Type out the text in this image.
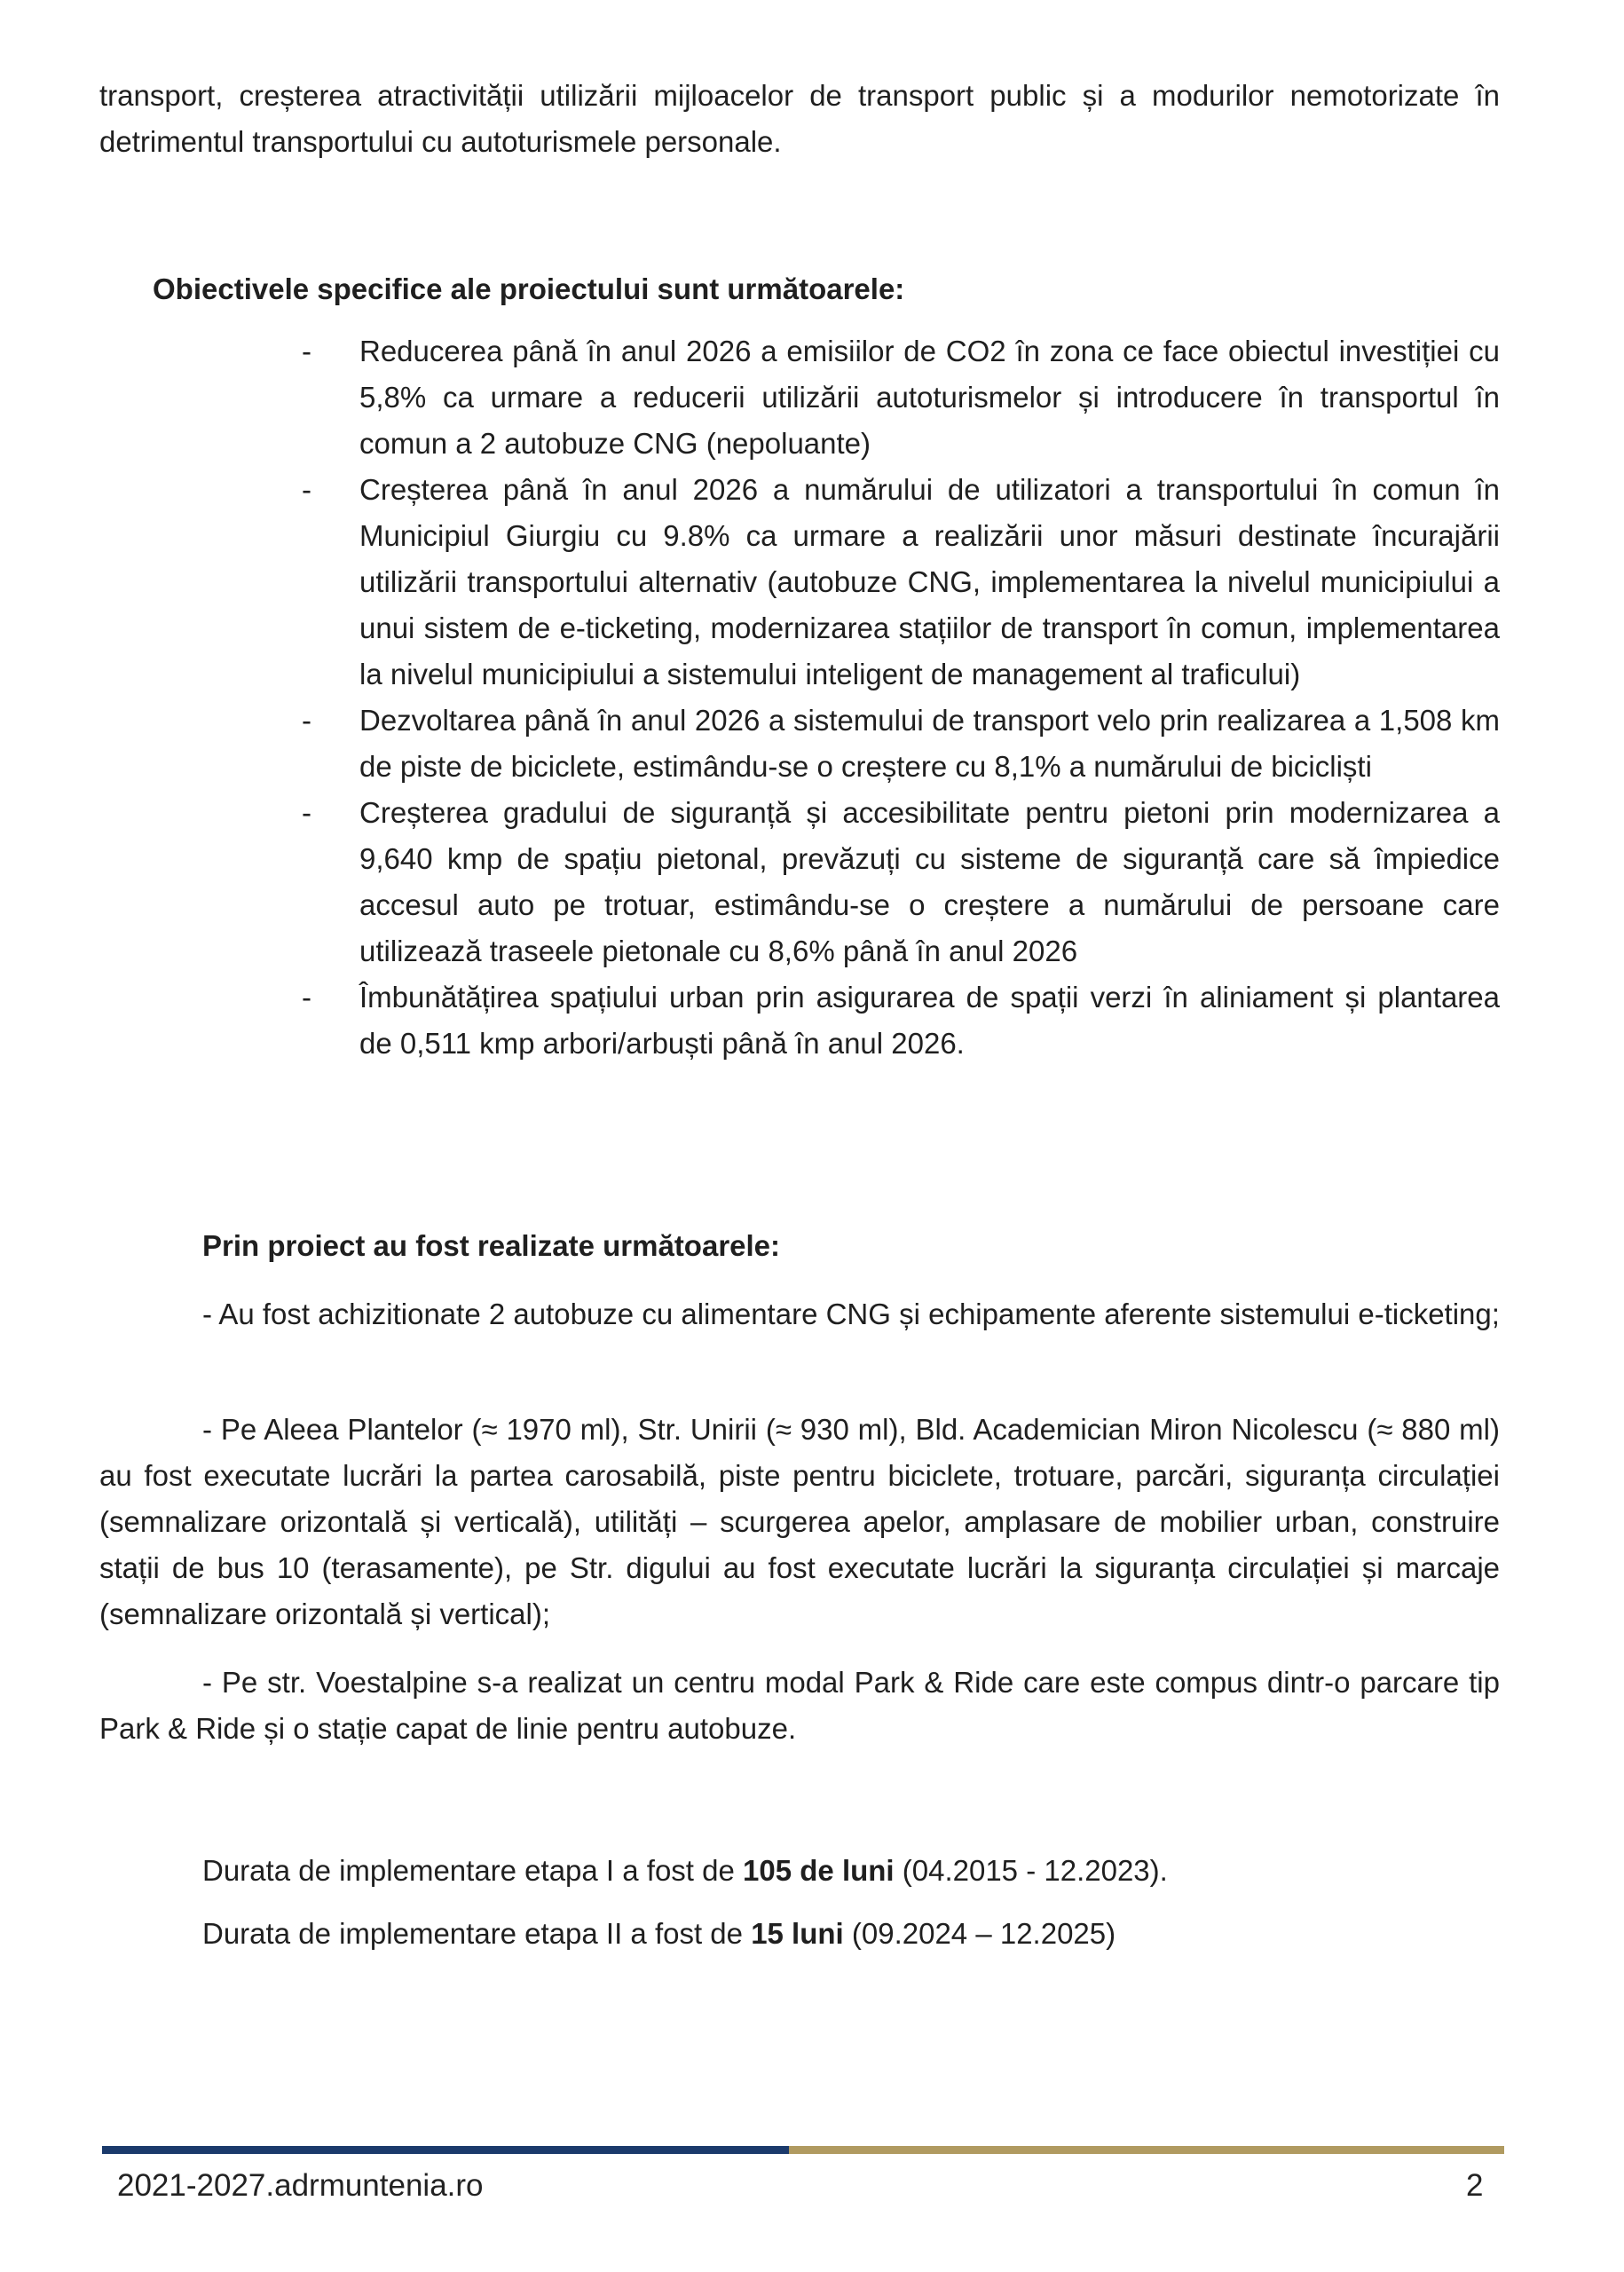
transport, creșterea atractivității utilizării mijloacelor de transport public și a modurilor nemotorizate în detrimentul transportului cu autoturismele personale.

Obiectivele specifice ale proiectului sunt următoarele:
- Reducerea până în anul 2026 a emisiilor de CO2 în zona ce face obiectul investiției cu 5,8% ca urmare a reducerii utilizării autoturismelor și introducere în transportul în comun a 2 autobuze CNG (nepoluante)
- Creșterea până în anul 2026 a numărului de utilizatori a transportului în comun în Municipiul Giurgiu cu 9.8% ca urmare a realizării unor măsuri destinate încurajării utilizării transportului alternativ (autobuze CNG, implementarea la nivelul municipiului a unui sistem de e-ticketing, modernizarea stațiilor de transport în comun, implementarea la nivelul municipiului a sistemului inteligent de management al traficului)
- Dezvoltarea până în anul 2026 a sistemului de transport velo prin realizarea a 1,508 km de piste de biciclete, estimându-se o creștere cu 8,1% a numărului de bicicliști
- Creșterea gradului de siguranță și accesibilitate pentru pietoni prin modernizarea a 9,640 kmp de spațiu pietonal, prevăzuți cu sisteme de siguranță care să împiedice accesul auto pe trotuar, estimându-se o creștere a numărului de persoane care utilizează traseele pietonale cu 8,6% până în anul 2026
- Îmbunătățirea spațiului urban prin asigurarea de spații verzi în aliniament și plantarea de 0,511 kmp arbori/arbuști până în anul 2026.
Prin proiect au fost realizate următoarele:

- Au fost achizitionate 2 autobuze cu alimentare CNG și echipamente aferente sistemului e-ticketing;

- Pe Aleea Plantelor (≈ 1970 ml), Str. Unirii (≈ 930 ml), Bld. Academician Miron Nicolescu (≈ 880 ml) au fost executate lucrări la partea carosabilă, piste pentru biciclete, trotuare, parcări, siguranța circulației (semnalizare orizontală și verticală), utilități – scurgerea apelor, amplasare de mobilier urban, construire stații de bus 10 (terasamente), pe Str. digului au fost executate lucrări la siguranța circulației și marcaje (semnalizare orizontală și vertical);

- Pe str. Voestalpine s-a realizat un centru modal Park & Ride care este compus dintr-o parcare tip Park & Ride și o stație capat de linie pentru autobuze.

Durata de implementare etapa I a fost de 105 de luni (04.2015 - 12.2023).
Durata de implementare etapa II a fost de 15 luni (09.2024 – 12.2025)
2021-2027.adrmuntenia.ro	2
